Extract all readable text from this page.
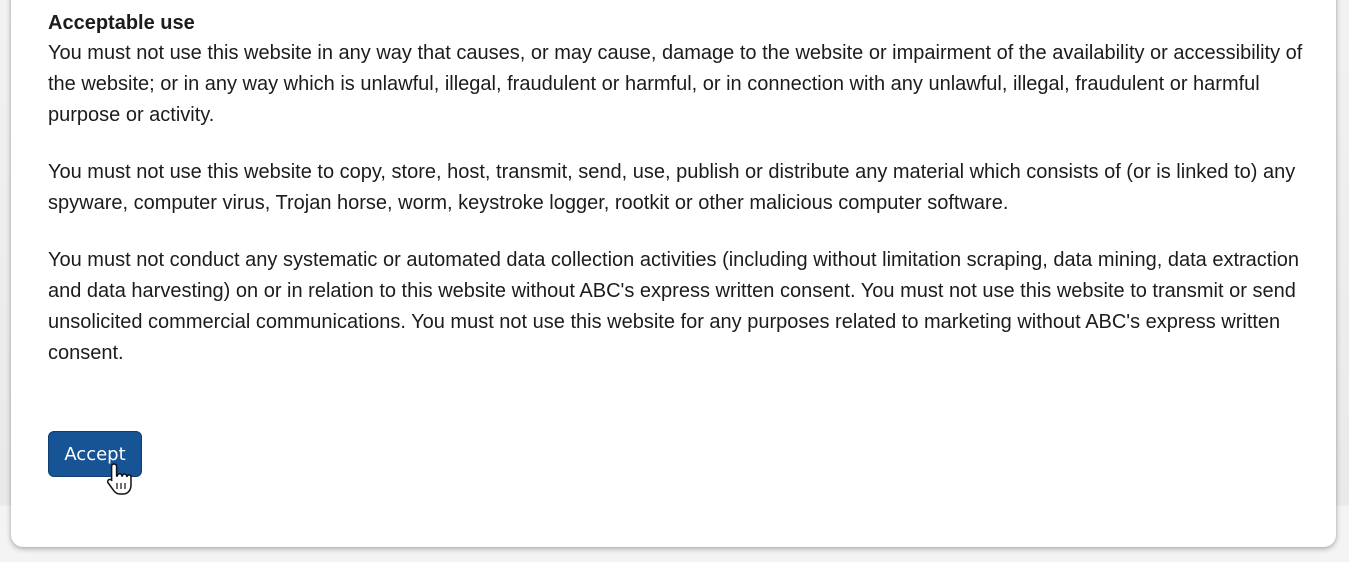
Acceptable use

You must not use this website in any way that causes, or may cause, damage to the website or impairment of the availability or accessibility of the website; or in any way which is unlawful, illegal, fraudulent or harmful, or in connection with any unlawful, illegal, fraudulent or harmful purpose or activity.

You must not use this website to copy, store, host, transmit, send, use, publish or distribute any material which consists of (or is linked to) any spyware, computer virus, Trojan horse, worm, keystroke logger, rootkit or other malicious computer software.

You must not conduct any systematic or automated data collection activities (including without limitation scraping, data mining, data extraction and data harvesting) on or in relation to this website without ABC's express written consent. You must not use this website to transmit or send unsolicited commercial communications. You must not use this website for any purposes related to marketing without ABC's express written consent.

Accept
